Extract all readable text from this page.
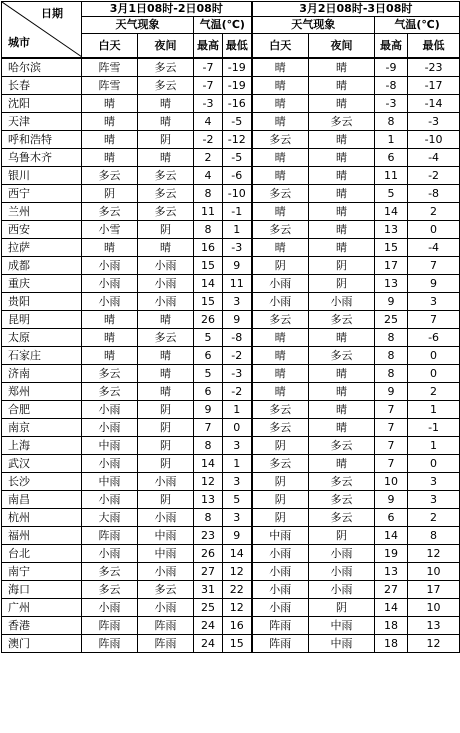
日期
城市	3月1日08时-2日08时				3月2日08时-3日08时			
	天气现象		气温(℃)		天气现象		气温(℃)	
	白天	夜间	最高	最低	白天	夜间	最高	最低
哈尔滨	阵雪	多云	-7	-19	晴	晴	-9	-23
长春	阵雪	多云	-7	-19	晴	晴	-8	-17
沈阳	晴	晴	-3	-16	晴	晴	-3	-14
天津	晴	晴	4	-5	晴	多云	8	-3
呼和浩特	晴	阴	-2	-12	多云	晴	1	-10
乌鲁木齐	晴	晴	2	-5	晴	晴	6	-4
银川	多云	多云	4	-6	晴	晴	11	-2
西宁	阴	多云	8	-10	多云	晴	5	-8
兰州	多云	多云	11	-1	晴	晴	14	2
西安	小雪	阴	8	1	多云	晴	13	0
拉萨	晴	晴	16	-3	晴	晴	15	-4
成都	小雨	小雨	15	9	阴	阴	17	7
重庆	小雨	小雨	14	11	小雨	阴	13	9
贵阳	小雨	小雨	15	3	小雨	小雨	9	3
昆明	晴	晴	26	9	多云	多云	25	7
太原	晴	多云	5	-8	晴	晴	8	-6
石家庄	晴	晴	6	-2	晴	多云	8	0
济南	多云	晴	5	-3	晴	晴	8	0
郑州	多云	晴	6	-2	晴	晴	9	2
合肥	小雨	阴	9	1	多云	晴	7	1
南京	小雨	阴	7	0	多云	晴	7	-1
上海	中雨	阴	8	3	阴	多云	7	1
武汉	小雨	阴	14	1	多云	晴	7	0
长沙	中雨	小雨	12	3	阴	多云	10	3
南昌	小雨	阴	13	5	阴	多云	9	3
杭州	大雨	小雨	8	3	阴	多云	6	2
福州	阵雨	中雨	23	9	中雨	阴	14	8
台北	小雨	中雨	26	14	小雨	小雨	19	12
南宁	多云	小雨	27	12	小雨	小雨	13	10
海口	多云	多云	31	22	小雨	小雨	27	17
广州	小雨	小雨	25	12	小雨	阴	14	10
香港	阵雨	阵雨	24	16	阵雨	中雨	18	13
澳门	阵雨	阵雨	24	15	阵雨	中雨	18	12
